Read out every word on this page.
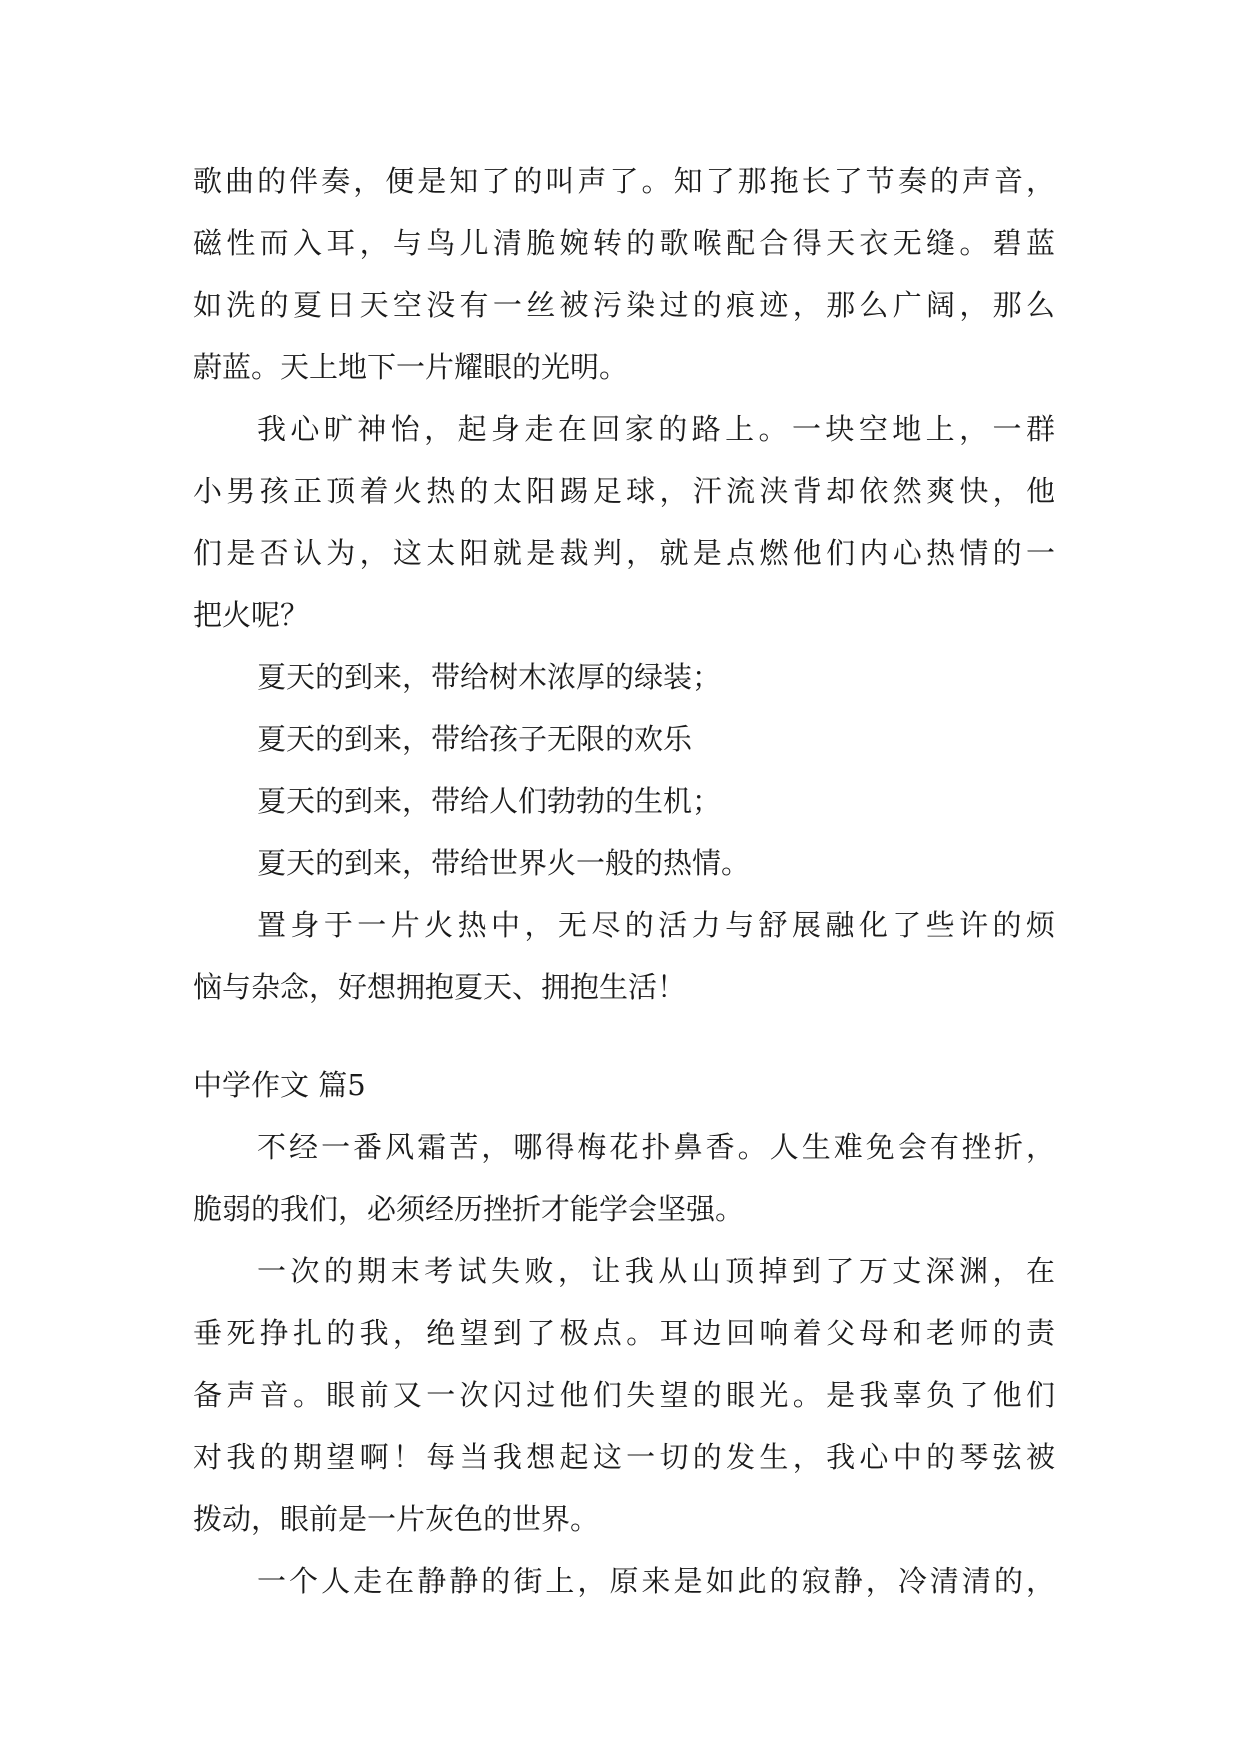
歌曲的伴奏，便是知了的叫声了。知了那拖长了节奏的声音，
磁性而入耳，与鸟儿清脆婉转的歌喉配合得天衣无缝。碧蓝
如洗的夏日天空没有一丝被污染过的痕迹，那么广阔，那么
蔚蓝。天上地下一片耀眼的光明。
我心旷神怡，起身走在回家的路上。一块空地上，一群
小男孩正顶着火热的太阳踢足球，汗流浃背却依然爽快，他
们是否认为，这太阳就是裁判，就是点燃他们内心热情的一
把火呢？
夏天的到来，带给树木浓厚的绿装；
夏天的到来，带给孩子无限的欢乐
夏天的到来，带给人们勃勃的生机；
夏天的到来，带给世界火一般的热情。
置身于一片火热中，无尽的活力与舒展融化了些许的烦
恼与杂念，好想拥抱夏天、拥抱生活！
中学作文 篇5
不经一番风霜苦，哪得梅花扑鼻香。人生难免会有挫折，
脆弱的我们，必须经历挫折才能学会坚强。
一次的期末考试失败，让我从山顶掉到了万丈深渊，在
垂死挣扎的我，绝望到了极点。耳边回响着父母和老师的责
备声音。眼前又一次闪过他们失望的眼光。是我辜负了他们
对我的期望啊！每当我想起这一切的发生，我心中的琴弦被
拨动，眼前是一片灰色的世界。
一个人走在静静的街上，原来是如此的寂静，冷清清的，
